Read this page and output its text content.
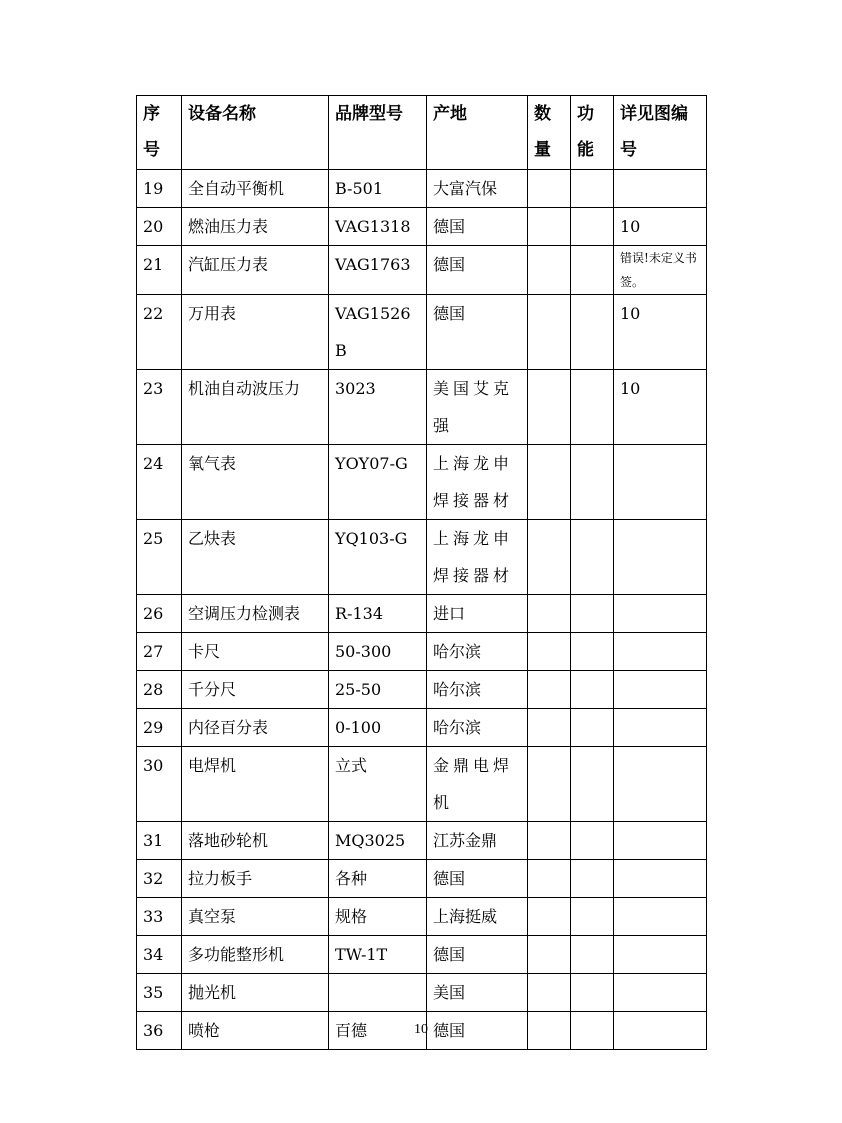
序号	设备名称	品牌型号	产地	数量	功能	详见图编号
19	全自动平衡机	B-501	大富汽保			
20	燃油压力表	VAG1318	德国			10
21	汽缸压力表	VAG1763	德国			错误!未定义书签。
22	万用表	VAG1526B	德国			10
23	机油自动波压力	3023	美国艾克强			10
24	氧气表	YOY07-G	上海龙申焊接器材			
25	乙炔表	YQ103-G	上海龙申焊接器材			
26	空调压力检测表	R-134	进口			
27	卡尺	50-300	哈尔滨			
28	千分尺	25-50	哈尔滨			
29	内径百分表	0-100	哈尔滨			
30	电焊机	立式	金鼎电焊机			
31	落地砂轮机	MQ3025	江苏金鼎			
32	拉力板手	各种	德国			
33	真空泵	规格	上海挺威			
34	多功能整形机	TW-1T	德国			
35	抛光机		美国			
36	喷枪	百德	德国			
10
